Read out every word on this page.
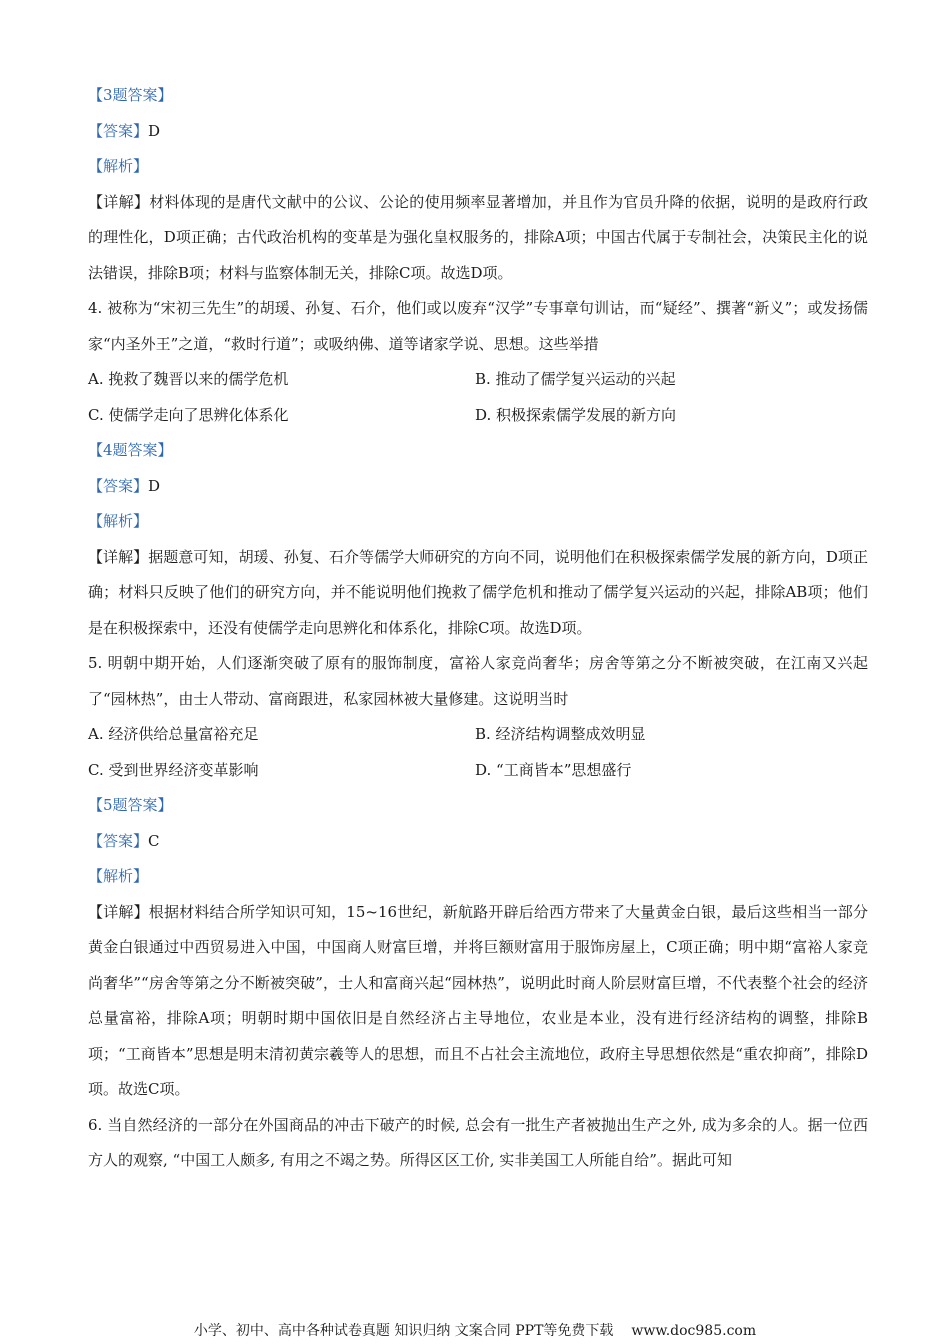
【3题答案】
【答案】D
【解析】
【详解】材料体现的是唐代文献中的公议、公论的使用频率显著增加，并且作为官员升降的依据，说明的是政府行政的理性化，D项正确；古代政治机构的变革是为强化皇权服务的，排除A项；中国古代属于专制社会，决策民主化的说法错误，排除B项；材料与监察体制无关，排除C项。故选D项。
4. 被称为“宋初三先生”的胡瑗、孙复、石介，他们或以废弃“汉学”专事章句训诂，而“疑经”、撰著“新义”；或发扬儒家“内圣外王”之道，“救时行道”；或吸纳佛、道等诸家学说、思想。这些举措
A. 挽救了魏晋以来的儒学危机	B. 推动了儒学复兴运动的兴起
C. 使儒学走向了思辨化体系化	D. 积极探索儒学发展的新方向
【4题答案】
【答案】D
【解析】
【详解】据题意可知，胡瑗、孙复、石介等儒学大师研究的方向不同，说明他们在积极探索儒学发展的新方向，D项正确；材料只反映了他们的研究方向，并不能说明他们挽救了儒学危机和推动了儒学复兴运动的兴起，排除AB项；他们是在积极探索中，还没有使儒学走向思辨化和体系化，排除C项。故选D项。
5. 明朝中期开始，人们逐渐突破了原有的服饰制度，富裕人家竞尚奢华；房舍等第之分不断被突破，在江南又兴起了“园林热”，由士人带动、富商跟进，私家园林被大量修建。这说明当时
A. 经济供给总量富裕充足	B. 经济结构调整成效明显
C. 受到世界经济变革影响	D. “工商皆本”思想盛行
【5题答案】
【答案】C
【解析】
【详解】根据材料结合所学知识可知，15~16世纪，新航路开辟后给西方带来了大量黄金白银，最后这些相当一部分黄金白银通过中西贸易进入中国，中国商人财富巨增，并将巨额财富用于服饰房屋上，C项正确；明中期“富裕人家竞尚奢华”“房舍等第之分不断被突破”，士人和富商兴起“园林热”，说明此时商人阶层财富巨增，不代表整个社会的经济总量富裕，排除A项；明朝时期中国依旧是自然经济占主导地位，农业是本业，没有进行经济结构的调整，排除B项；“工商皆本”思想是明末清初黄宗羲等人的思想，而且不占社会主流地位，政府主导思想依然是“重农抑商”，排除D项。故选C项。
6. 当自然经济的一部分在外国商品的冲击下破产的时候, 总会有一批生产者被抛出生产之外, 成为多余的人。据一位西方人的观察, “中国工人颇多, 有用之不竭之势。所得区区工价, 实非美国工人所能自给”。据此可知
小学、初中、高中各种试卷真题 知识归纳 文案合同 PPT等免费下载 www.doc985.com
